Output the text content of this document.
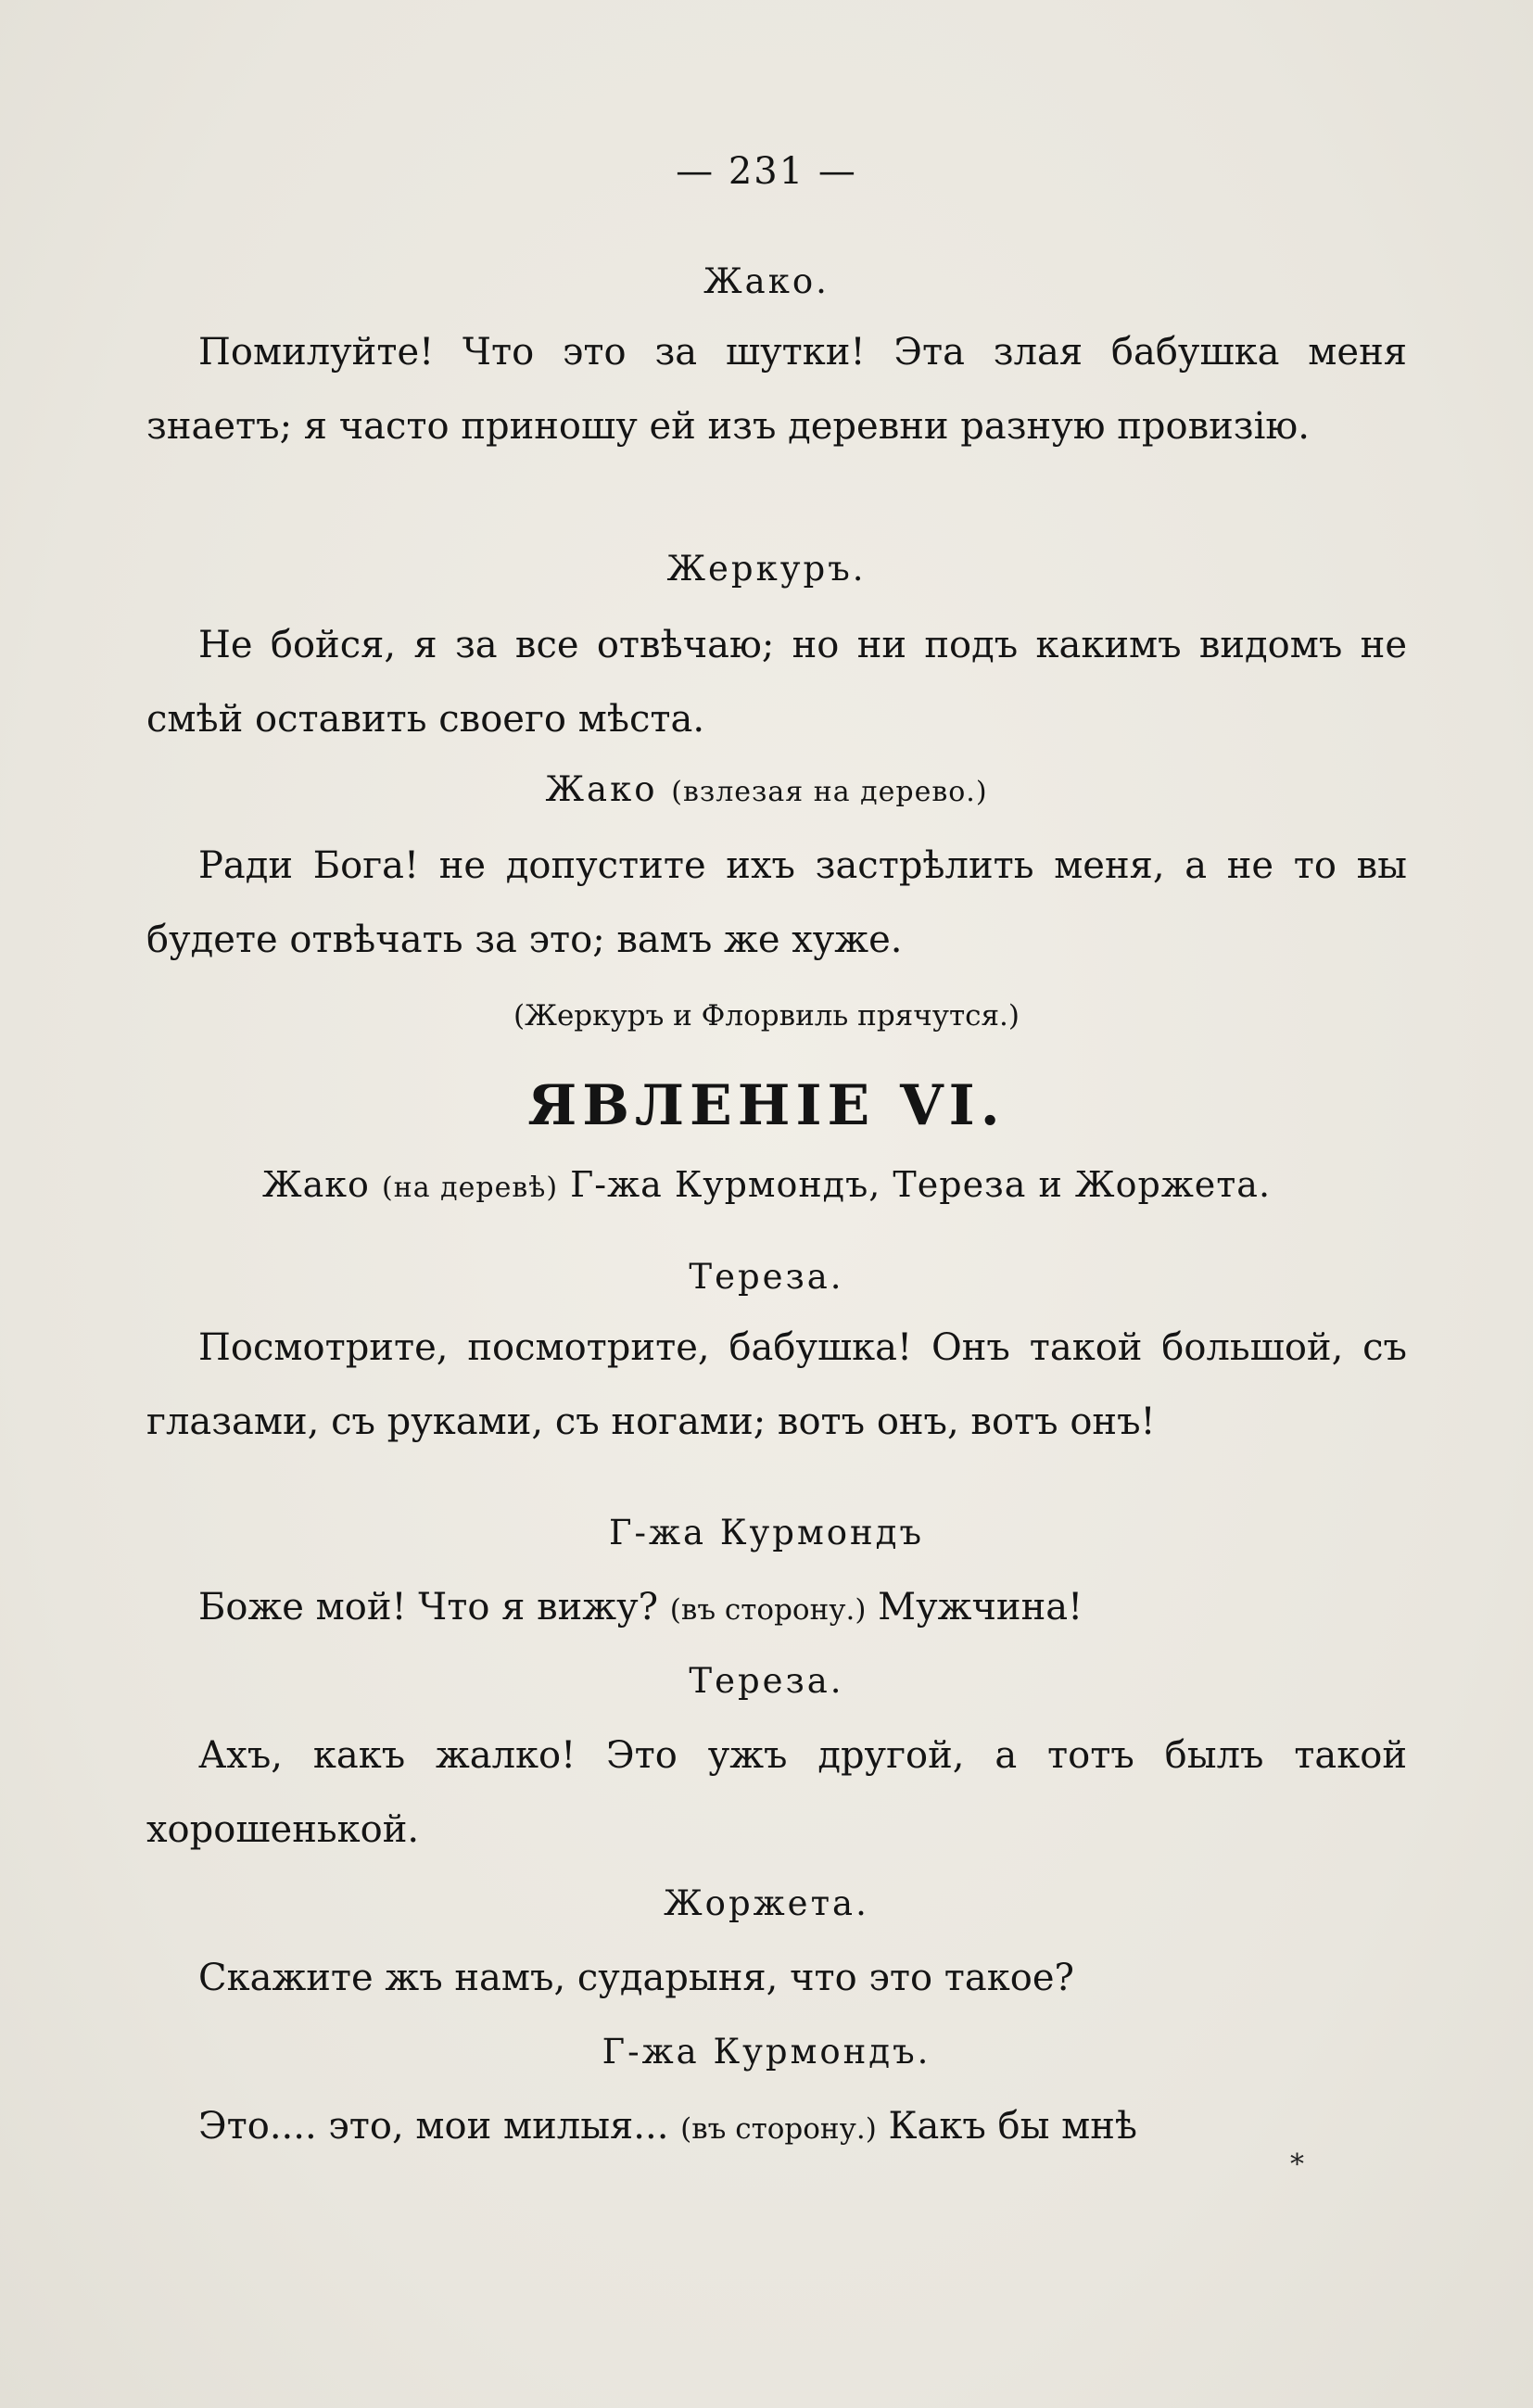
— 231 —
Жако.
Помилуйте! Что это за шутки! Эта злая бабушка меня знаетъ; я часто приношу ей изъ деревни разную провизію.
Жеркуръ.
Не бойся, я за все отвѣчаю; но ни подъ какимъ видомъ не смѣй оставить своего мѣста.
Жако (взлезая на дерево.)
Ради Бога! не допустите ихъ застрѣлить меня, а не то вы будете отвѣчать за это; вамъ же хуже.
(Жеркуръ и Флорвиль прячутся.)
ЯВЛЕНІЕ VI.
Жако (на деревѣ) Г-жа Курмондъ, Тереза и Жоржета.
Тереза.
Посмотрите, посмотрите, бабушка! Онъ такой большой, съ глазами, съ руками, съ ногами; вотъ онъ, вотъ онъ!
Г-жа Курмондъ
Боже мой! Что я вижу? (въ сторону.) Мужчина!
Тереза.
Ахъ, какъ жалко! Это ужъ другой, а тотъ былъ такой хорошенькой.
Жоржета.
Скажите жъ намъ, сударыня, что это такое?
Г-жа Курмондъ.
Это.... это, мои милыя... (въ сторону.) Какъ бы мнѣ
*
